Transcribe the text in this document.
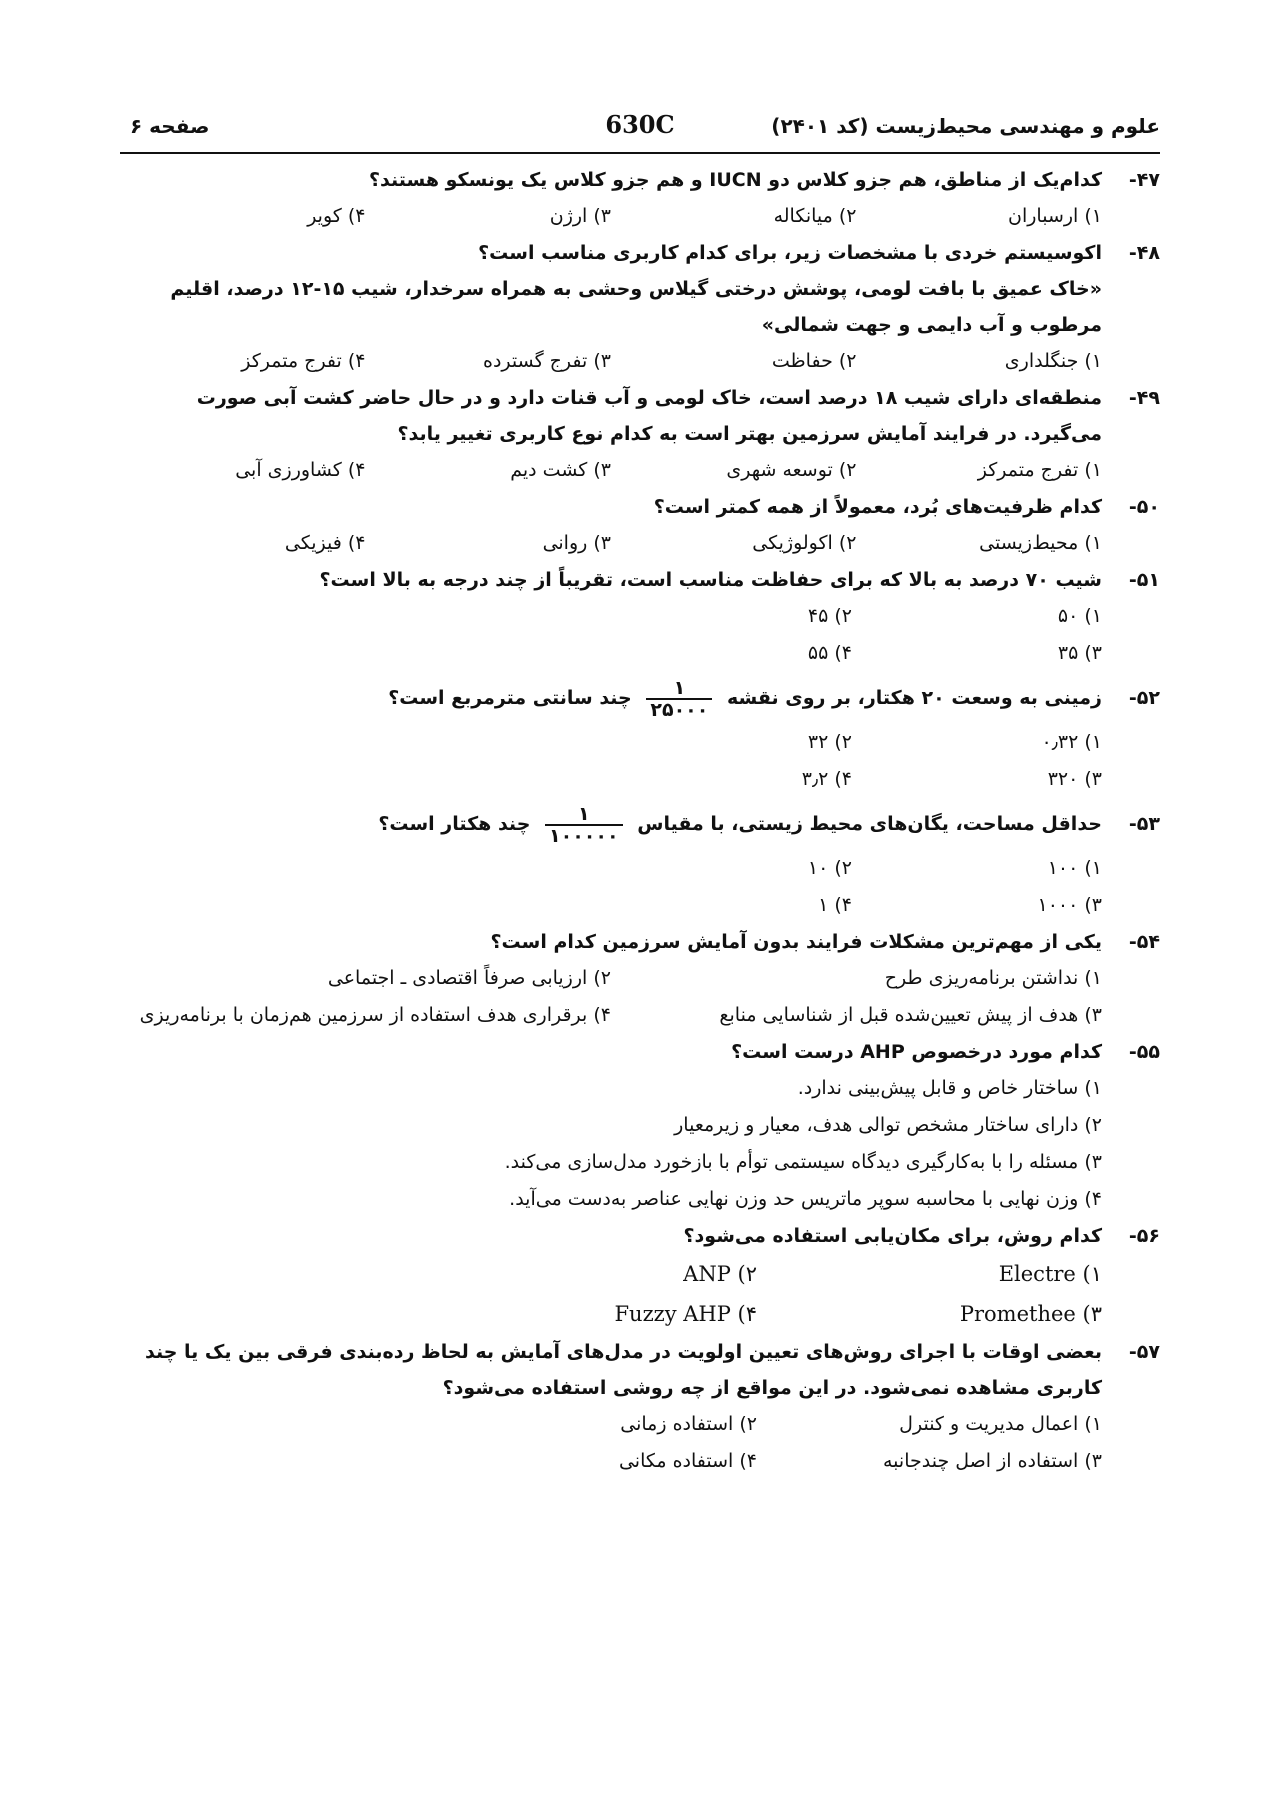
علوم و مهندسی محیط‌زیست (کد ۲۴۰۱)
630C
صفحه ۶
۴۷-
کدام‌یک از مناطق، هم جزو کلاس دو IUCN و هم جزو کلاس یک یونسکو هستند؟
۱) ارسباران
۲) میانکاله
۳) ارژن
۴) کویر
۴۸-
اکوسیستم خردی با مشخصات زیر، برای کدام کاربری مناسب است؟
«خاک عمیق با بافت لومی، پوشش درختی گیلاس وحشی به همراه سرخدار، شیب ۱۵-۱۲ درصد، اقلیم مرطوب و آب دایمی و جهت شمالی»
۱) جنگلداری
۲) حفاظت
۳) تفرج گسترده
۴) تفرج متمرکز
۴۹-
منطقه‌ای دارای شیب ۱۸ درصد است، خاک لومی و آب قنات دارد و در حال حاضر کشت آبی صورت می‌گیرد. در فرایند آمایش سرزمین بهتر است به کدام نوع کاربری تغییر یابد؟
۱) تفرج متمرکز
۲) توسعه شهری
۳) کشت دیم
۴) کشاورزی آبی
۵۰-
کدام ظرفیت‌های بُرد، معمولاً از همه کمتر است؟
۱) محیط‌زیستی
۲) اکولوژیکی
۳) روانی
۴) فیزیکی
۵۱-
شیب ۷۰ درصد به بالا که برای حفاظت مناسب است، تقریباً از چند درجه به بالا است؟
۱) ۵۰
۲) ۴۵
۳) ۳۵
۴) ۵۵
۵۲-
زمینی به وسعت ۲۰ هکتار، بر روی نقشه
$\frac{۱}{۲۵۰۰۰}$
چند سانتی مترمربع است؟
۱) ۰٫۳۲
۲) ۳۲
۳) ۳۲۰
۴) ۳٫۲
۵۳-
حداقل مساحت، یگان‌های محیط زیستی، با مقیاس
$\frac{۱}{۱۰۰۰۰۰}$
چند هکتار است؟
۱) ۱۰۰
۲) ۱۰
۳) ۱۰۰۰
۴) ۱
۵۴-
یکی از مهم‌ترین مشکلات فرایند بدون آمایش سرزمین کدام است؟
۱) نداشتن برنامه‌ریزی طرح
۲) ارزیابی صرفاً اقتصادی ـ اجتماعی
۳) هدف از پیش تعیین‌شده قبل از شناسایی منابع
۴) برقراری هدف استفاده از سرزمین هم‌زمان با برنامه‌ریزی
۵۵-
کدام مورد درخصوص AHP درست است؟
۱) ساختار خاص و قابل پیش‌بینی ندارد.
۲) دارای ساختار مشخص توالی هدف، معیار و زیرمعیار
۳) مسئله را با به‌کارگیری دیدگاه سیستمی توأم با بازخورد مدل‌سازی می‌کند.
۴) وزن نهایی با محاسبه سوپر ماتریس حد وزن نهایی عناصر به‌دست می‌آید.
۵۶-
کدام روش، برای مکان‌یابی استفاده می‌شود؟
Electre (۱
ANP (۲
Promethee (۳
Fuzzy AHP (۴
۵۷-
بعضی اوقات با اجرای روش‌های تعیین اولویت در مدل‌های آمایش به لحاظ رده‌بندی فرقی بین یک یا چند کاربری مشاهده نمی‌شود. در این مواقع از چه روشی استفاده می‌شود؟
۱) اعمال مدیریت و کنترل
۲) استفاده زمانی
۳) استفاده از اصل چندجانبه
۴) استفاده مکانی
